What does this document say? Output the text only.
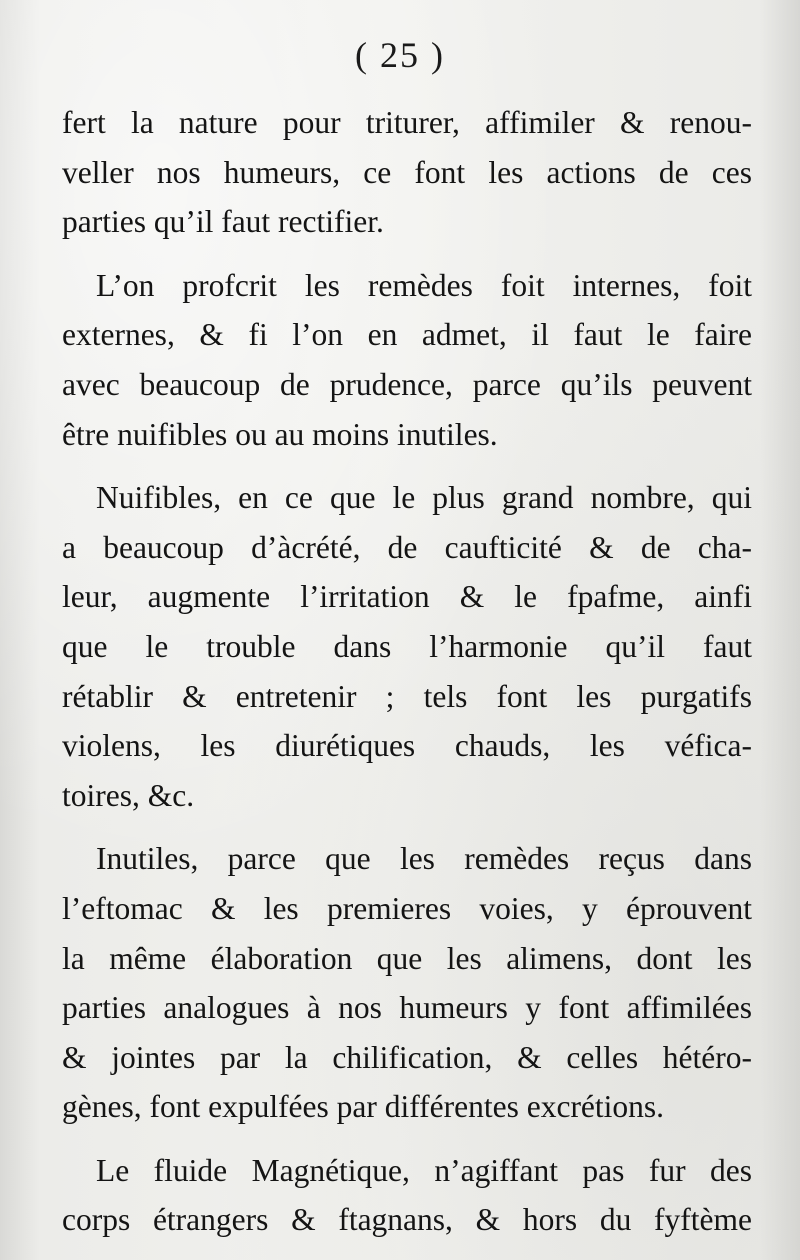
( 25 )
fert la nature pour triturer, affimiler & renou-
veller nos humeurs, ce font les actions de ces
parties qu’il faut rectifier.
L’on profcrit les remèdes foit internes, foit
externes, & fi l’on en admet, il faut le faire
avec beaucoup de prudence, parce qu’ils peuvent
être nuifibles ou au moins inutiles.
Nuifibles, en ce que le plus grand nombre, qui
a beaucoup d’àcrété, de caufticité & de cha-
leur, augmente l’irritation & le fpafme, ainfi
que le trouble dans l’harmonie qu’il faut
rétablir & entretenir ; tels font les purgatifs
violens, les diurétiques chauds, les véfica-
toires, &c.
Inutiles, parce que les remèdes reçus dans
l’eftomac & les premieres voies, y éprouvent
la même élaboration que les alimens, dont les
parties analogues à nos humeurs y font affimilées
& jointes par la chilification, & celles hétéro-
gènes, font expulfées par différentes excrétions.
Le fluide Magnétique, n’agiffant pas fur des
corps étrangers & ftagnans, & hors du fyftème
